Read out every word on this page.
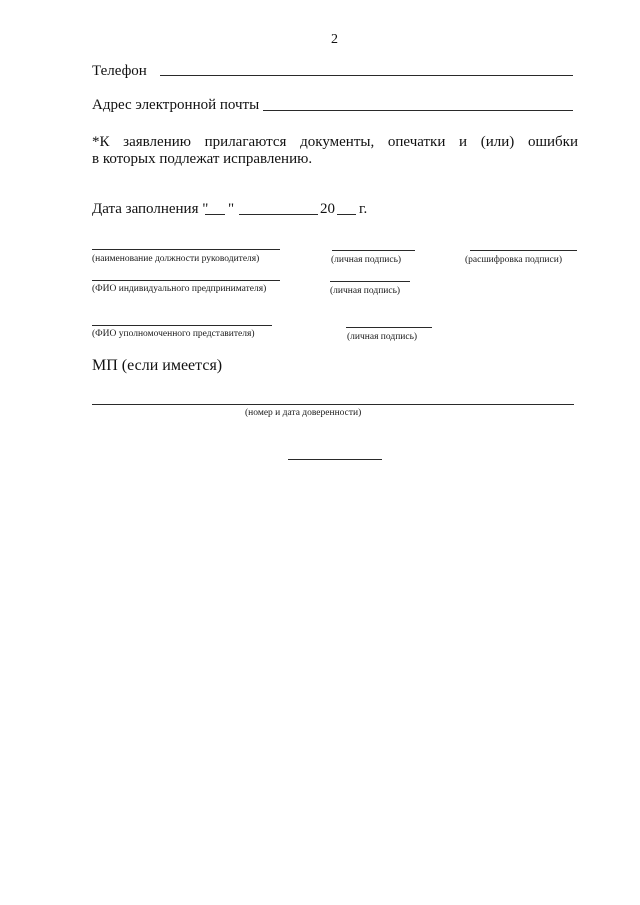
2
Телефон
Адрес электронной почты
*К заявлению прилагаются документы, опечатки и (или) ошибки
в которых подлежат исправлению.
Дата заполнения " "	20 г.
(наименование должности руководителя)	(личная подпись)	(расшифровка подписи)
(ФИО индивидуального предпринимателя)	(личная подпись)
(ФИО уполномоченного представителя)	(личная подпись)
МП (если имеется)
(номер и дата доверенности)
